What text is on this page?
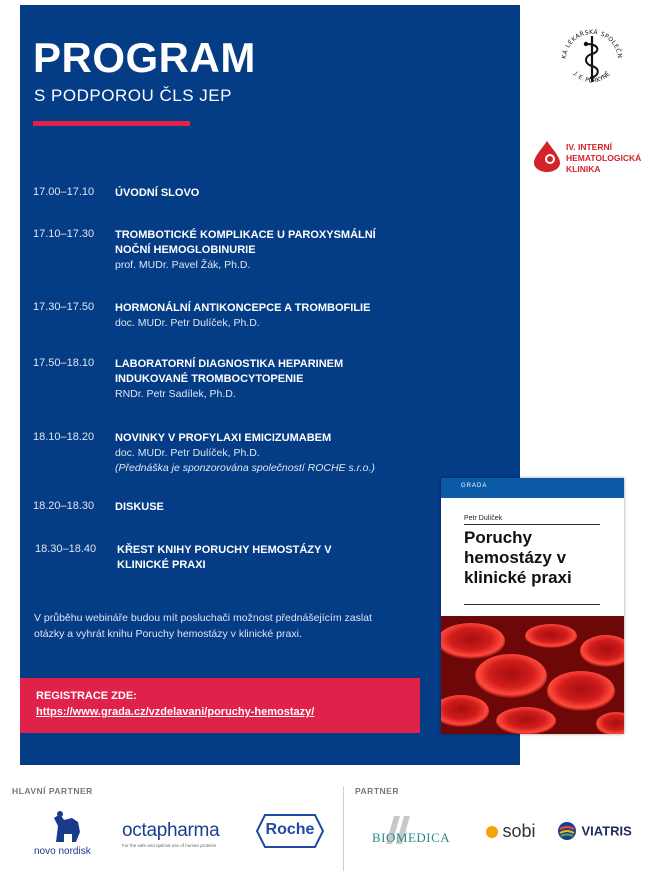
PROGRAM
S PODPOROU ČLS JEP
17.00–17.10 ÚVODNÍ SLOVO
17.10–17.30 TROMBOTICKÉ KOMPLIKACE U PAROXYSMÁLNÍ NOČNÍ HEMOGLOBINURIE
prof. MUDr. Pavel Žák, Ph.D.
17.30–17.50 HORMONÁLNÍ ANTIKONCEPCE A TROMBOFILIE
doc. MUDr. Petr Dulíček, Ph.D.
17.50–18.10 LABORATORNÍ DIAGNOSTIKA HEPARINEM INDUKOVANÉ TROMBOCYTOPENIE
RNDr. Petr Sadílek, Ph.D.
18.10–18.20 NOVINKY V PROFYLAXI EMICIZUMABEM
doc. MUDr. Petr Dulíček, Ph.D.
(Přednáška je sponzorována společností ROCHE s.r.o.)
18.20–18.30 DISKUSE
18.30–18.40 KŘEST KNIHY PORUCHY HEMOSTÁZY V KLINICKÉ PRAXI
V průběhu webináře budou mít posluchači možnost přednášejícím zaslat otázky a vyhrát knihu Poruchy hemostázy v klinické praxi.
REGISTRACE ZDE:
https://www.grada.cz/vzdelavani/poruchy-hemostazy/
GRADA
Petr Dulíček
Poruchy hemostázy v klinické praxi
KÁ LÉKAŘSKÁ SPOLEČN
J. E. PURKYNĚ
IV. INTERNÍ
HEMATOLOGICKÁ
KLINIKA
HLAVNÍ PARTNER	PARTNER
novo nordisk
octapharma
For the safe and optimal use of human proteins
Roche	BIOMEDICA	sobi	VIATRIS
